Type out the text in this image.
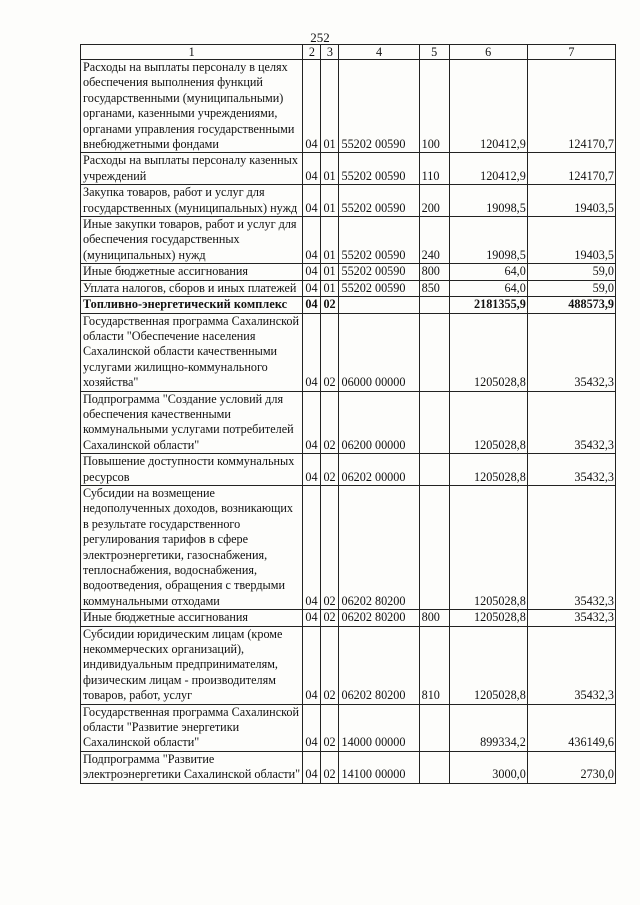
252
1	2	3	4	5	6	7
Расходы на выплаты персоналу в целях обеспечения выполнения функций государственными (муниципальными) органами, казенными учреждениями, органами управления государственными внебюджетными фондами	04	01	55202 00590	100	120412,9	124170,7
Расходы на выплаты персоналу казенных учреждений	04	01	55202 00590	110	120412,9	124170,7
Закупка товаров, работ и услуг для государственных (муниципальных) нужд	04	01	55202 00590	200	19098,5	19403,5
Иные закупки товаров, работ и услуг для обеспечения государственных (муниципальных) нужд	04	01	55202 00590	240	19098,5	19403,5
Иные бюджетные ассигнования	04	01	55202 00590	800	64,0	59,0
Уплата налогов, сборов и иных платежей	04	01	55202 00590	850	64,0	59,0
Топливно-энергетический комплекс	04	02			2181355,9	488573,9
Государственная программа Сахалинской области "Обеспечение населения Сахалинской области качественными услугами жилищно-коммунального хозяйства"	04	02	06000 00000		1205028,8	35432,3
Подпрограмма "Создание условий для обеспечения качественными коммунальными услугами потребителей Сахалинской области"	04	02	06200 00000		1205028,8	35432,3
Повышение доступности коммунальных ресурсов	04	02	06202 00000		1205028,8	35432,3
Субсидии на возмещение недополученных доходов, возникающих в результате государственного регулирования тарифов в сфере электроэнергетики, газоснабжения, теплоснабжения, водоснабжения, водоотведения, обращения с твердыми коммунальными отходами	04	02	06202 80200		1205028,8	35432,3
Иные бюджетные ассигнования	04	02	06202 80200	800	1205028,8	35432,3
Субсидии юридическим лицам (кроме некоммерческих организаций), индивидуальным предпринимателям, физическим лицам - производителям товаров, работ, услуг	04	02	06202 80200	810	1205028,8	35432,3
Государственная программа Сахалинской области "Развитие энергетики Сахалинской области"	04	02	14000 00000		899334,2	436149,6
Подпрограмма "Развитие электроэнергетики Сахалинской области"	04	02	14100 00000		3000,0	2730,0
